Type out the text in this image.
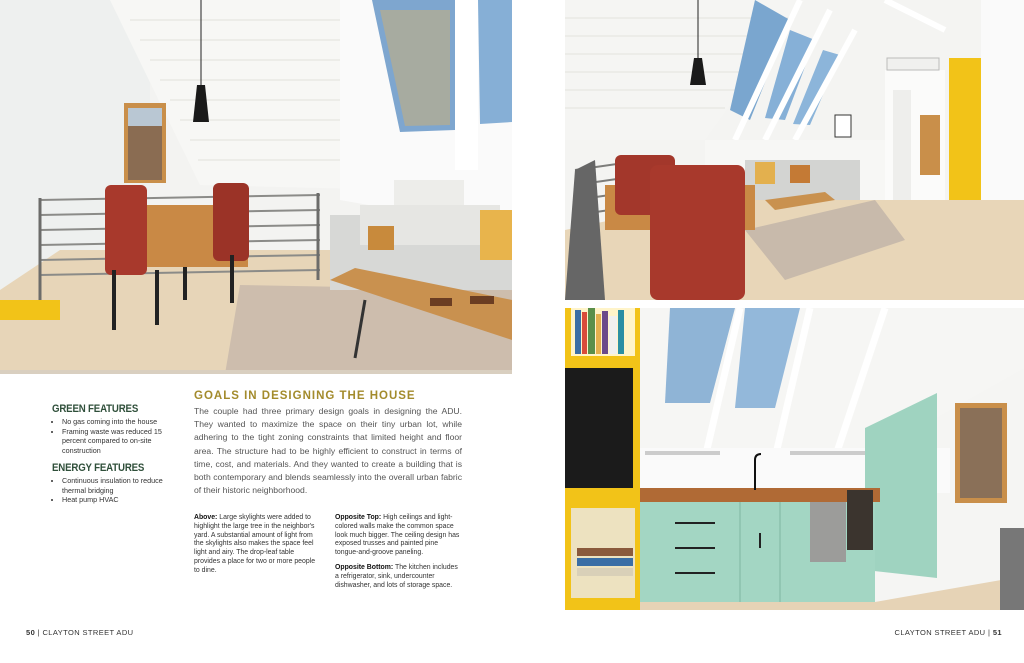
GREEN FEATURES
• No gas coming into the house
• Framing waste was reduced 15 percent compared to on-site construction
ENERGY FEATURES
• Continuous insulation to reduce thermal bridging
• Heat pump HVAC
GOALS IN DESIGNING THE HOUSE
The couple had three primary design goals in designing the ADU. They wanted to maximize the space on their tiny urban lot, while adhering to the tight zoning constraints that limited height and floor area. The structure had to be highly efficient to construct in terms of time, cost, and materials. And they wanted to create a building that is both contemporary and blends seamlessly into the overall urban fabric of their historic neighborhood.
Above: Large skylights were added to highlight the large tree in the neighbor's yard. A substantial amount of light from the skylights also makes the space feel light and airy. The drop-leaf table provides a place for two or more people to dine.

Opposite Top: High ceilings and light-colored walls make the common space look much bigger. The ceiling design has exposed trusses and painted pine tongue-and-groove paneling.

Opposite Bottom: The kitchen includes a refrigerator, sink, undercounter dishwasher, and lots of storage space.

50 | CLAYTON STREET ADU	CLAYTON STREET ADU | 51
